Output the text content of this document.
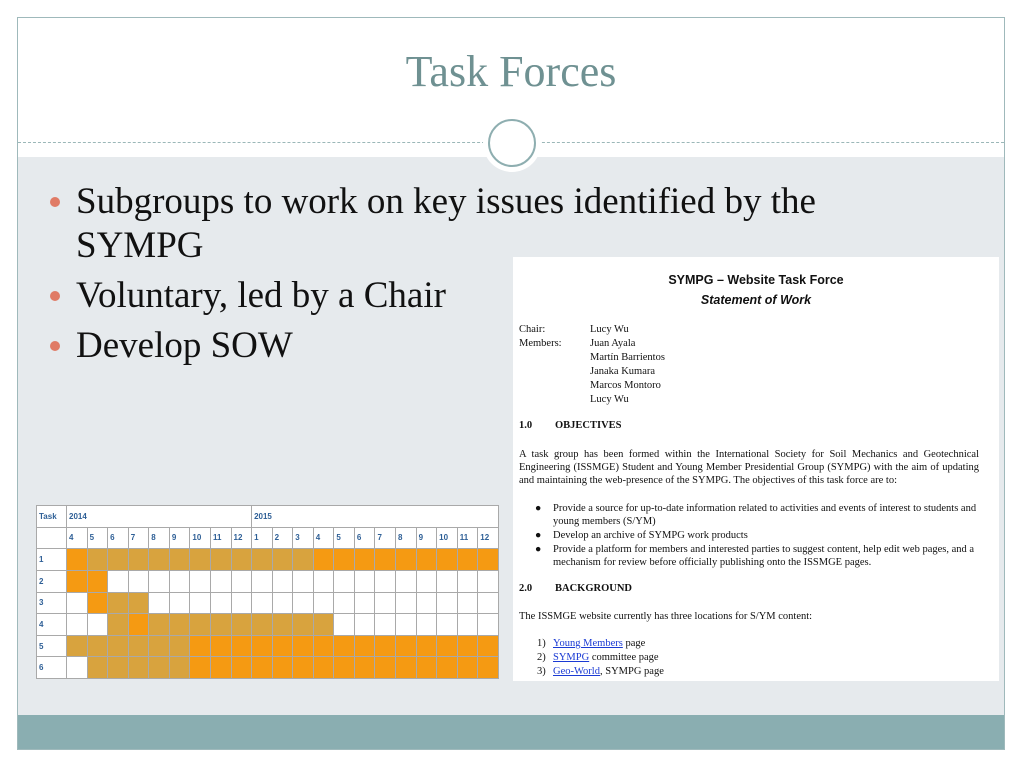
Task Forces
Subgroups to work on key issues identified by the SYMPG
Voluntary, led by a Chair
Develop SOW
Task	2014									2015											
	4	5	6	7	8	9	10	11	12	1	2	3	4	5	6	7	8	9	10	11	12
1																					
2																					
3																					
4																					
5																					
6																					
SYMPG – Website Task Force
Statement of Work
Chair:	Lucy Wu
Members:	Juan Ayala
Martín Barrientos
Janaka Kumara
Marcos Montoro
Lucy Wu
1.0 OBJECTIVES
A task group has been formed within the International Society for Soil Mechanics and Geotechnical Engineering (ISSMGE) Student and Young Member Presidential Group (SYMPG) with the aim of updating and maintaining the web-presence of the SYMPG. The objectives of this task force are to:
● Provide a source for up-to-date information related to activities and events of interest to students and young members (S/YM)
● Develop an archive of SYMPG work products
● Provide a platform for members and interested parties to suggest content, help edit web pages, and a mechanism for review before officially publishing onto the ISSMGE pages.
2.0 BACKGROUND
The ISSMGE website currently has three locations for S/YM content:
1) Young Members page
2) SYMPG committee page
3) Geo-World, SYMPG page
